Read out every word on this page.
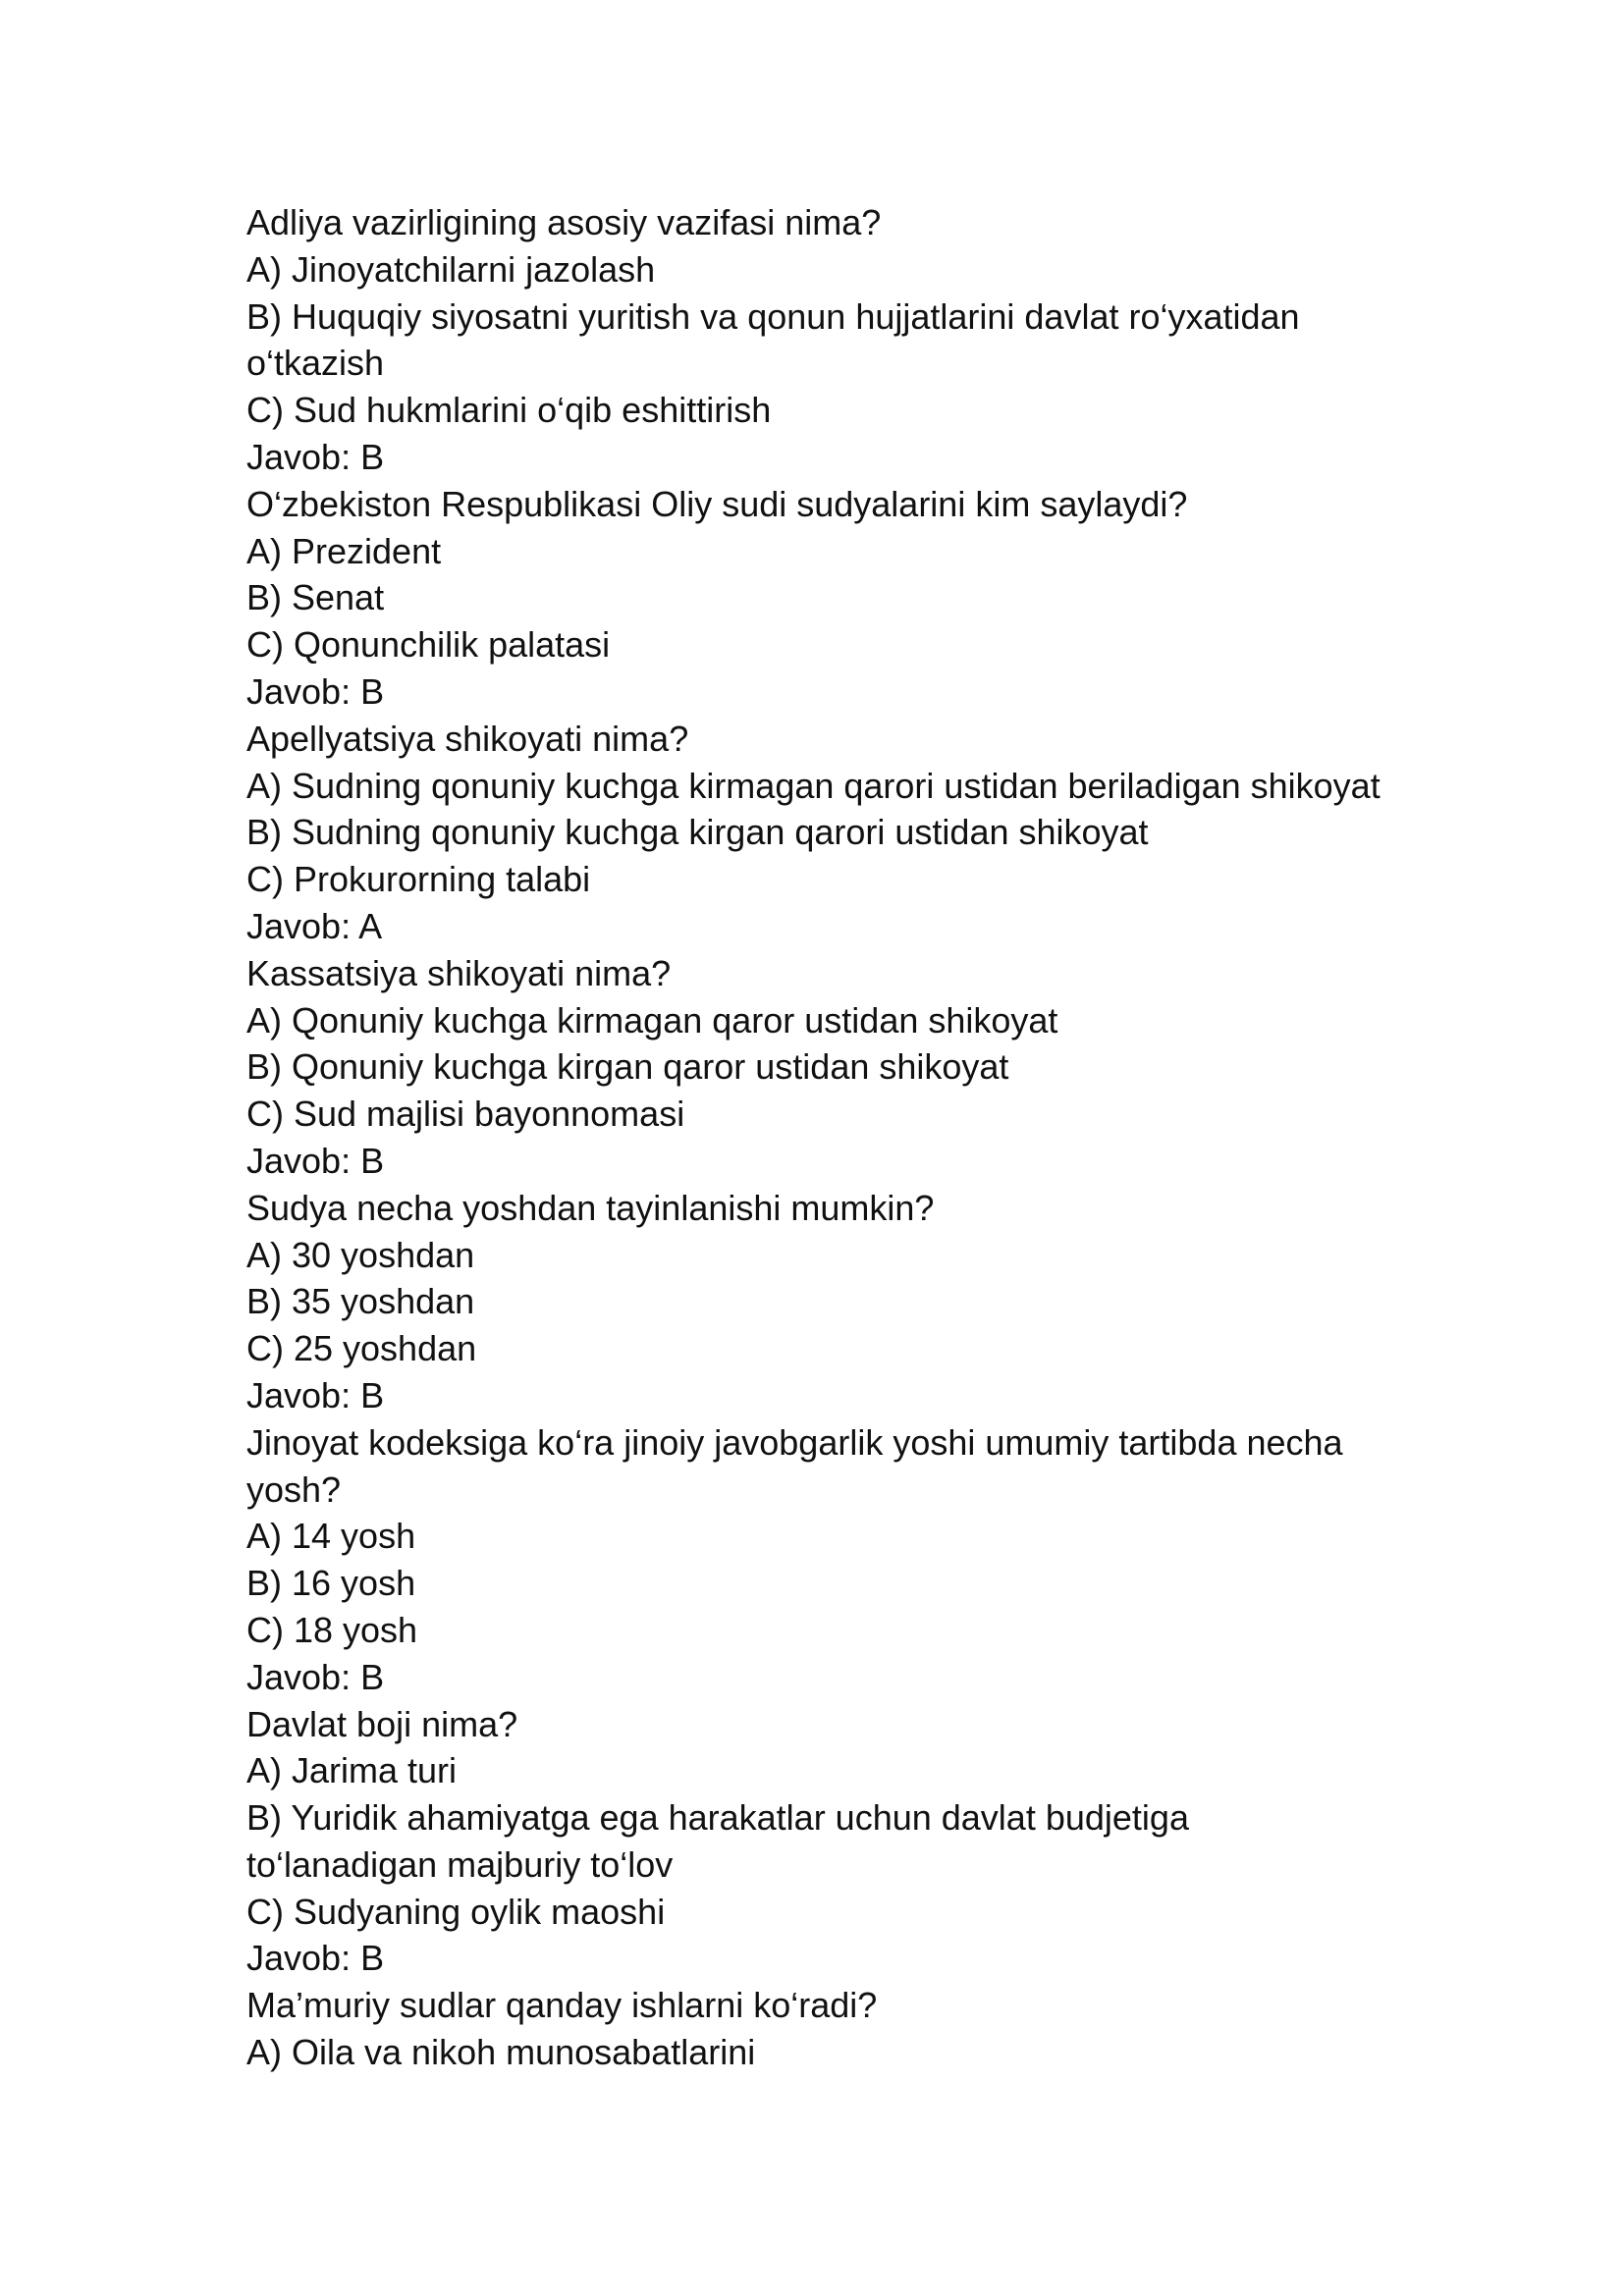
Adliya vazirligining asosiy vazifasi nima?
A) Jinoyatchilarni jazolash
B) Huquqiy siyosatni yuritish va qonun hujjatlarini davlat ro‘yxatidan
o‘tkazish
C) Sud hukmlarini o‘qib eshittirish
Javob: B
O‘zbekiston Respublikasi Oliy sudi sudyalarini kim saylaydi?
A) Prezident
B) Senat
C) Qonunchilik palatasi
Javob: B
Apellyatsiya shikoyati nima?
A) Sudning qonuniy kuchga kirmagan qarori ustidan beriladigan shikoyat
B) Sudning qonuniy kuchga kirgan qarori ustidan shikoyat
C) Prokurorning talabi
Javob: A
Kassatsiya shikoyati nima?
A) Qonuniy kuchga kirmagan qaror ustidan shikoyat
B) Qonuniy kuchga kirgan qaror ustidan shikoyat
C) Sud majlisi bayonnomasi
Javob: B
Sudya necha yoshdan tayinlanishi mumkin?
A) 30 yoshdan
B) 35 yoshdan
C) 25 yoshdan
Javob: B
Jinoyat kodeksiga ko‘ra jinoiy javobgarlik yoshi umumiy tartibda necha
yosh?
A) 14 yosh
B) 16 yosh
C) 18 yosh
Javob: B
Davlat boji nima?
A) Jarima turi
B) Yuridik ahamiyatga ega harakatlar uchun davlat budjetiga
to‘lanadigan majburiy to‘lov
C) Sudyaning oylik maoshi
Javob: B
Ma’muriy sudlar qanday ishlarni ko‘radi?
A) Oila va nikoh munosabatlarini
